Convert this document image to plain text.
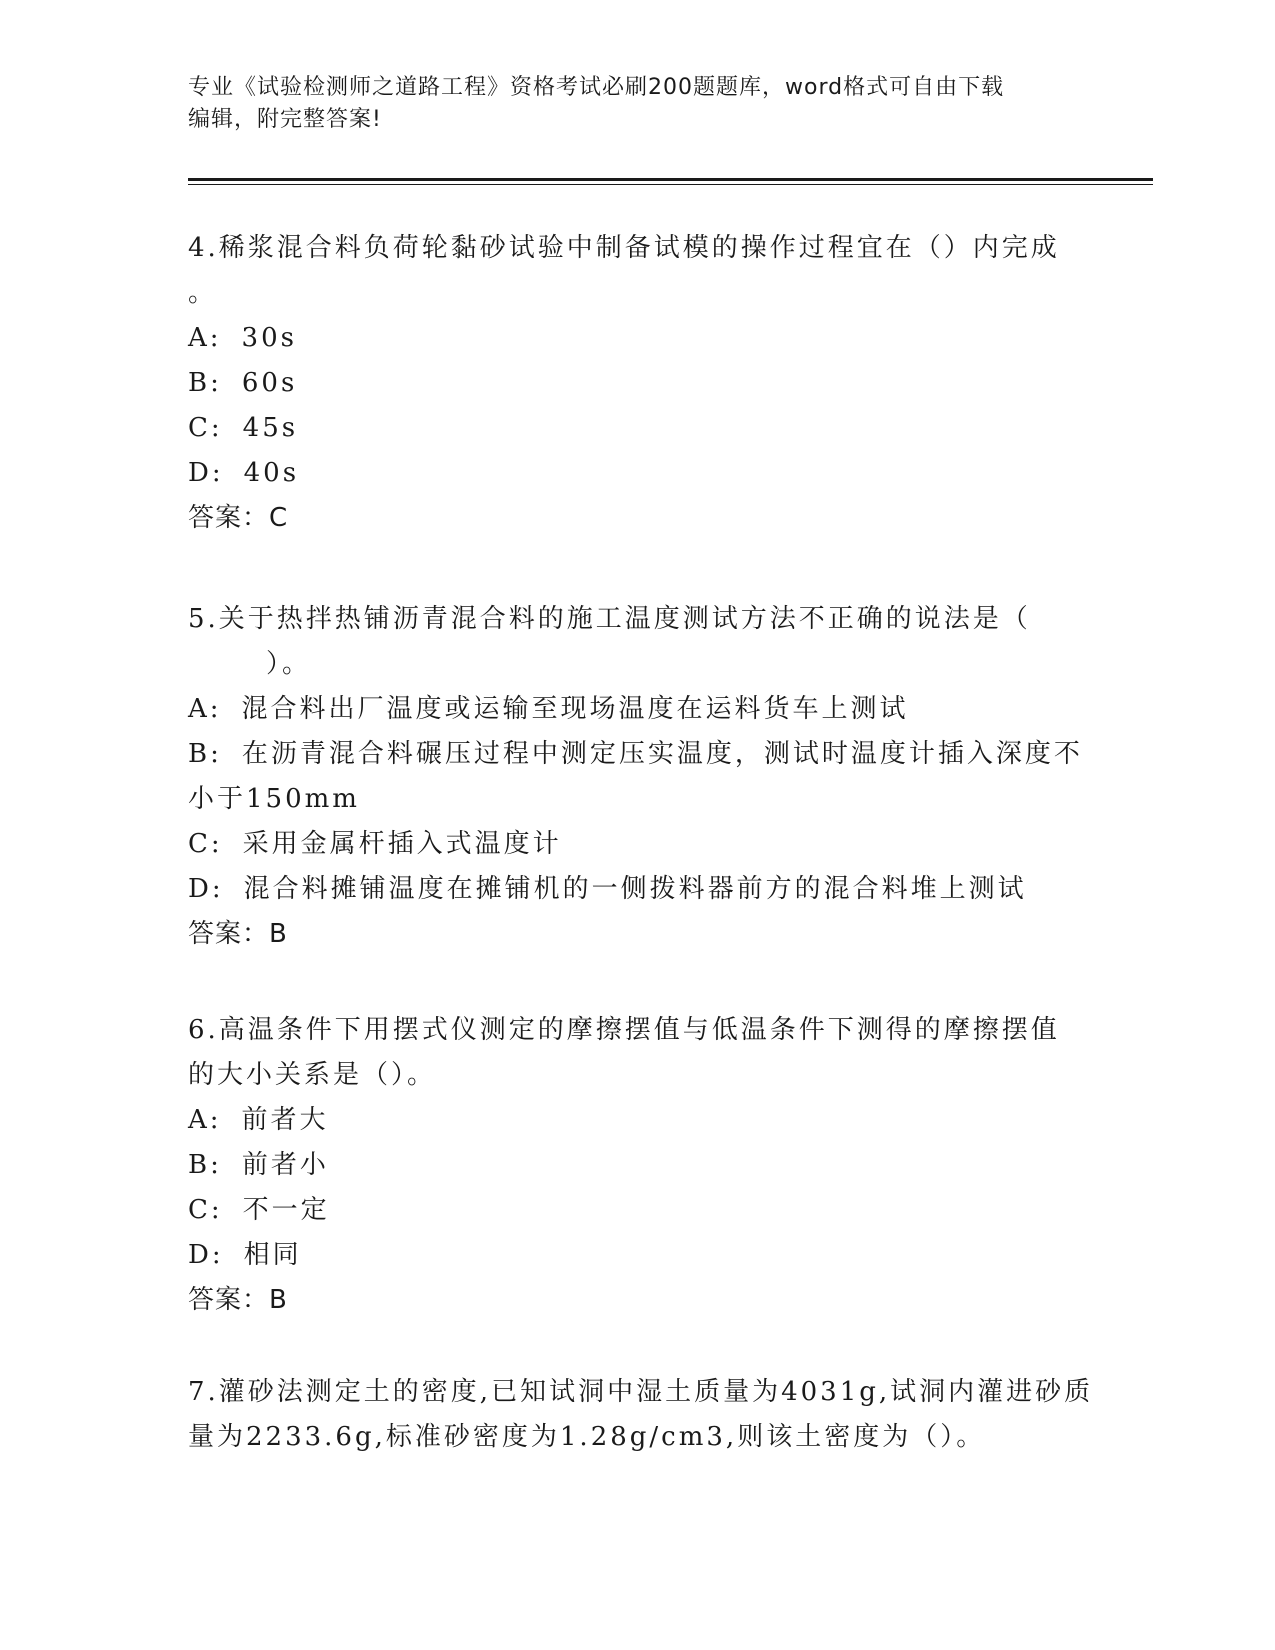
专业《试验检测师之道路工程》资格考试必刷200题题库，word格式可自由下载
编辑，附完整答案!
4.稀浆混合料负荷轮黏砂试验中制备试模的操作过程宜在（）内完成
。
A: 30s
B: 60s
C: 45s
D: 40s
答案：C
5.关于热拌热铺沥青混合料的施工温度测试方法不正确的说法是（
）。
A: 混合料出厂温度或运输至现场温度在运料货车上测试
B: 在沥青混合料碾压过程中测定压实温度，测试时温度计插入深度不
小于150mm
C: 采用金属杆插入式温度计
D: 混合料摊铺温度在摊铺机的一侧拨料器前方的混合料堆上测试
答案：B
6.高温条件下用摆式仪测定的摩擦摆值与低温条件下测得的摩擦摆值
的大小关系是（）。
A: 前者大
B: 前者小
C: 不一定
D: 相同
答案：B
7.灌砂法测定土的密度,已知试洞中湿土质量为4031g,试洞内灌进砂质
量为2233.6g,标准砂密度为1.28g/cm3,则该土密度为（）。
